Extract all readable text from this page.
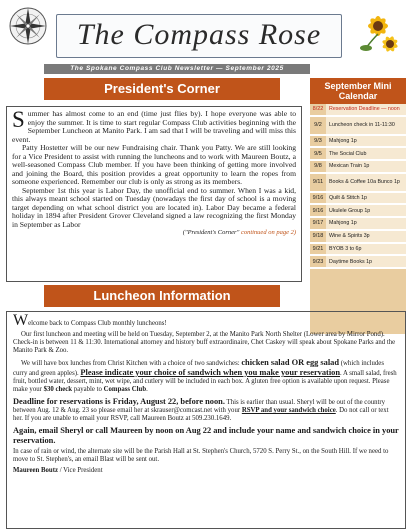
The Compass Rose
The Spokane Compass Club Newsletter — September 2025
President's Corner
S ummer has almost come to an end (time just flies by). I hope everyone was able to enjoy the summer. It is time to start regular Compass Club activities beginning with the September Luncheon at Manito Park. I am sad that I will be traveling and will miss this event.

Patty Hostetter will be our new Fundraising chair. Thank you Patty. We are still looking for a Vice President to assist with running the luncheons and to work with Maureen Boutz, a well-seasoned Compass Club member. If you have been thinking of getting more involved and joining the Board, this position provides a great opportunity to learn the ropes from someone experienced. Remember our club is only as strong as its members.

September 1st this year is Labor Day, the unofficial end to summer. When I was a kid, this always meant school started on Tuesday (nowadays the first day of school is a moving target depending on what school district you are located in). Labor Day became a federal holiday in 1894 after President Grover Cleveland signed a law recognizing the first Monday in September as Labor

("President's Corner" continued on page 2)
September Mini Calendar
8/22	Reservation Deadline — noon
9/2	Luncheon check in 11-11:30
9/3	Mahjong 1p
9/5	The Social Club
9/8	Mexican Train 1p
9/11	Books & Coffee 10a Bunco 1p
9/16	Quilt & Stitch 1p
9/16	Ukulele Group 1p
9/17	Mahjong 1p
9/18	Wine & Spirits 3p
9/21	BYOB 3 to 6p
9/23	Daytime Books 1p
Luncheon Information

Welcome back to Compass Club monthly luncheons!

Our first luncheon and meeting will be held on Tuesday, September 2, at the Manito Park North Shelter (Lower area by Mirror Pond). Check-in is between 11 & 11:30. International attorney and history buff extraordinaire, Chet Caskey will speak about Spokane Parks and the Manito Park & Zoo.

We will have box lunches from Christ Kitchen with a choice of two sandwiches: chicken salad OR egg salad (which includes curry and green apples). Please indicate your choice of sandwich when you make your reservation. A small salad, fresh fruit, bottled water, dessert, mint, wet wipe, and cutlery will be included in each box. A gluten free option is available upon request. Please make your $30 check payable to Compass Club.

Deadline for reservations is Friday, August 22, before noon. This is earlier than usual. Sheryl will be out of the country between Aug. 12 & Aug. 23 so please email her at skrauser@comcast.net with your RSVP and your sandwich choice. Do not call or text her. If you are unable to email your RSVP, call Maureen Boutz at 509.230.1649.

Again, email Sheryl or call Maureen by noon on Aug 22 and include your name and sandwich choice in your reservation.

In case of rain or wind, the alternate site will be the Parish Hall at St. Stephen's Church, 5720 S. Perry St., on the South Hill. If we need to move to St. Stephen's, an email Blast will be sent out.

Maureen Boutz / Vice President
